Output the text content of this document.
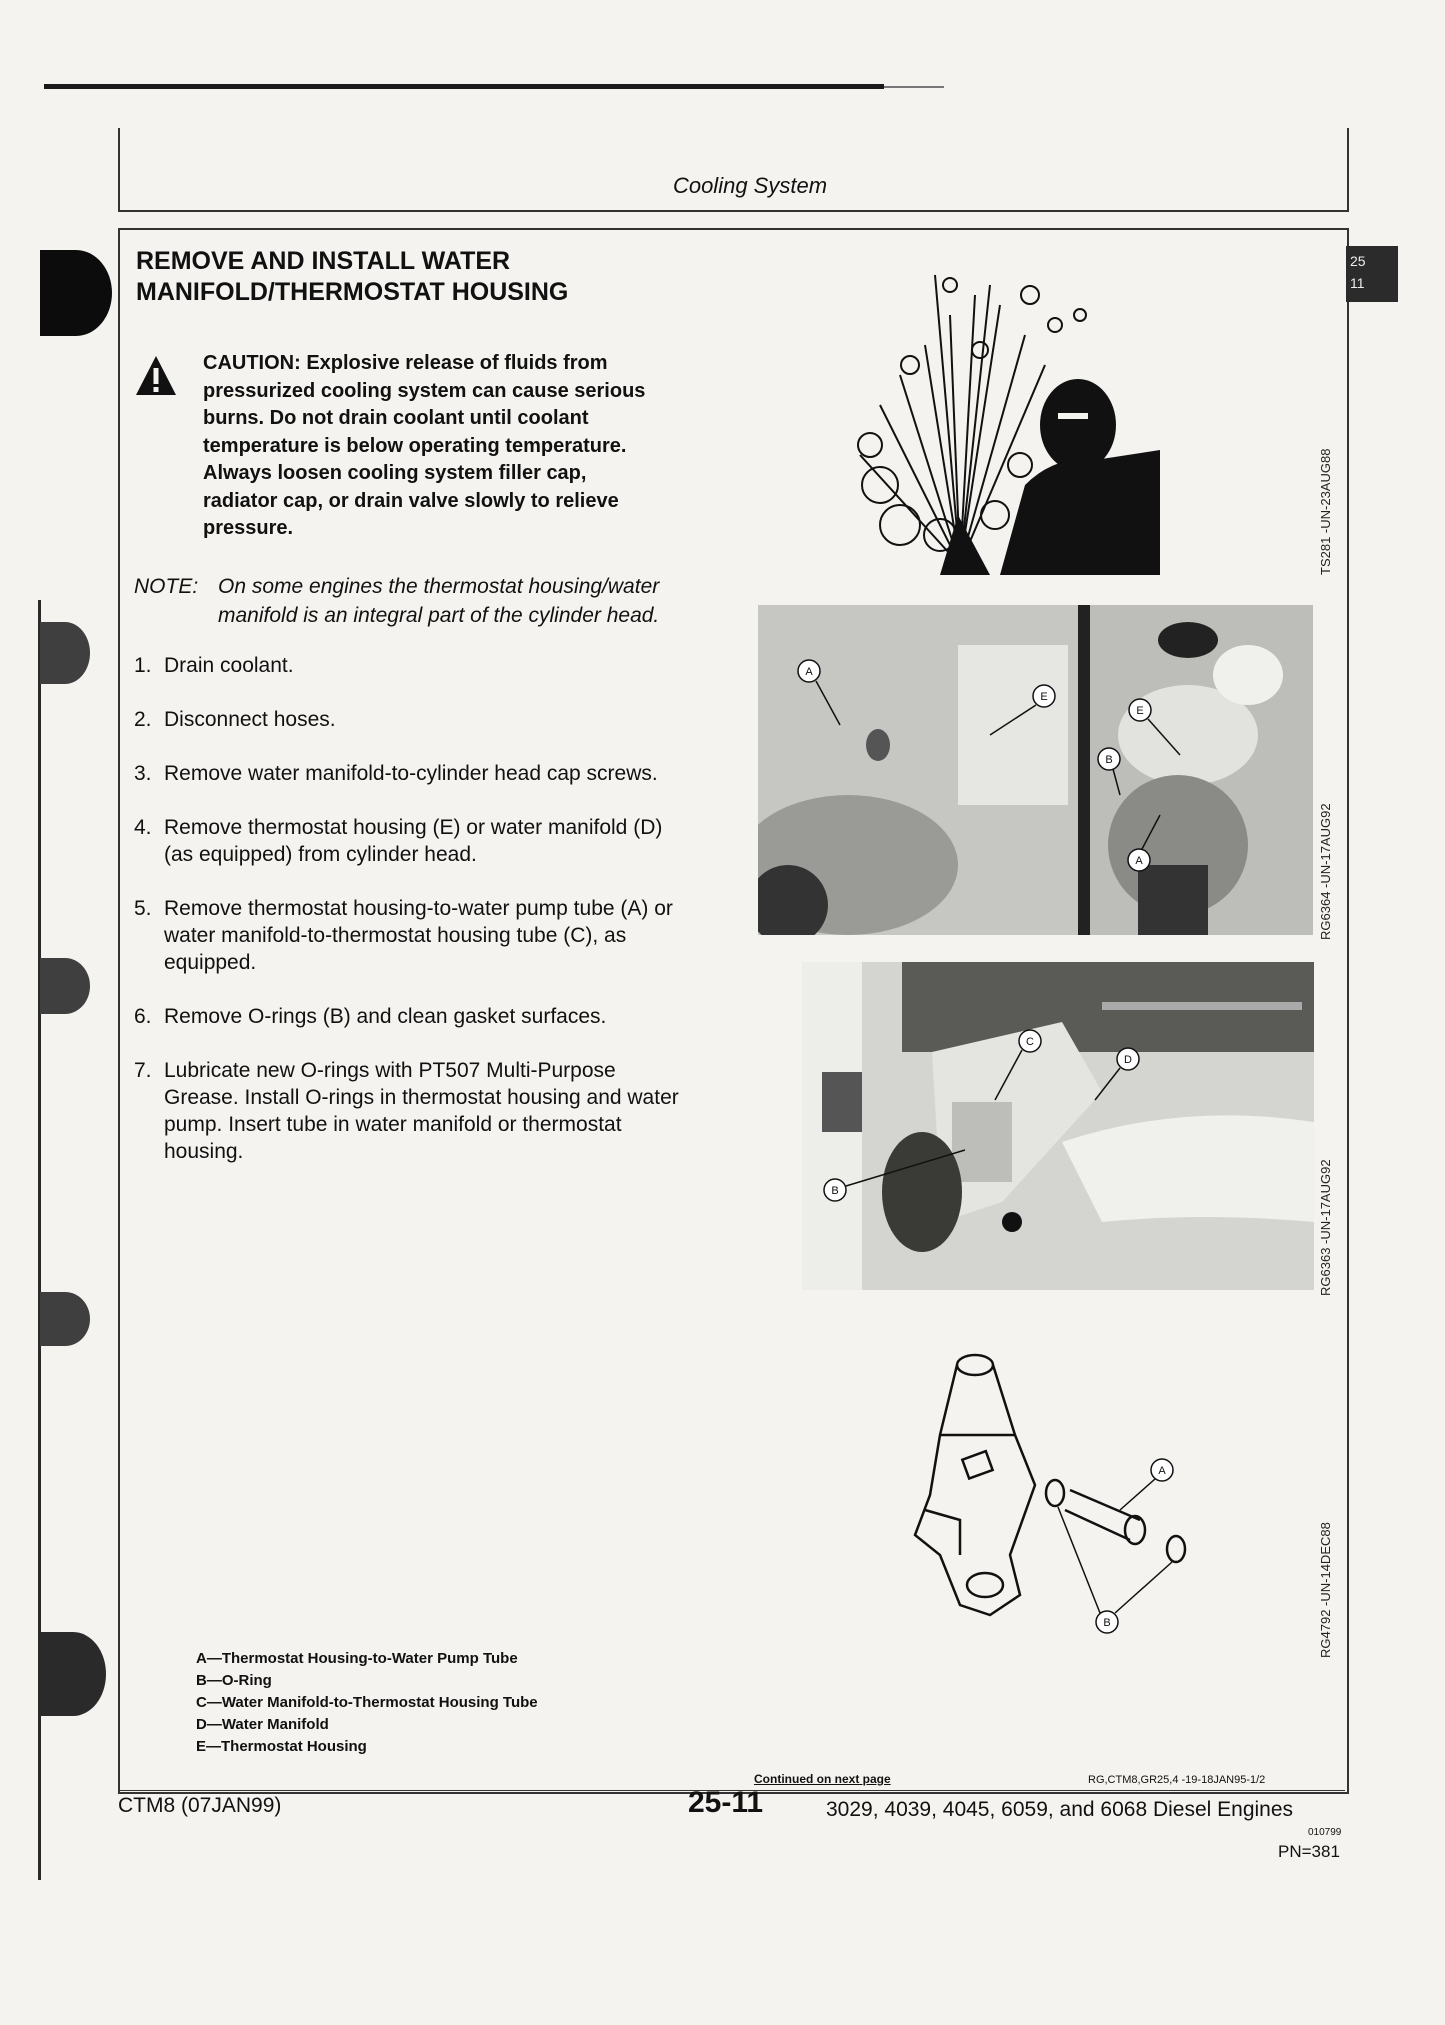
Cooling System
25
11
REMOVE AND INSTALL WATER
MANIFOLD/THERMOSTAT HOUSING
CAUTION: Explosive release of fluids from
pressurized cooling system can cause serious
burns. Do not drain coolant until coolant
temperature is below operating temperature.
Always loosen cooling system filler cap,
radiator cap, or drain valve slowly to relieve
pressure.
NOTE: On some engines the thermostat housing/water
manifold is an integral part of the cylinder head.
1. Drain coolant.
2. Disconnect hoses.
3. Remove water manifold-to-cylinder head cap screws.
4. Remove thermostat housing (E) or water manifold (D)
(as equipped) from cylinder head.
5. Remove thermostat housing-to-water pump tube (A) or
water manifold-to-thermostat housing tube (C), as
equipped.
6. Remove O-rings (B) and clean gasket surfaces.
7. Lubricate new O-rings with PT507 Multi-Purpose
Grease. Install O-rings in thermostat housing and water
pump. Insert tube in water manifold or thermostat
housing.
TS281 -UN-23AUG88
A
E
E
B
A	RG6364 -UN-17AUG92
C
D
B	RG6363 -UN-17AUG92
A
B	RG4792 -UN-14DEC88
A—Thermostat Housing-to-Water Pump Tube
B—O-Ring
C—Water Manifold-to-Thermostat Housing Tube
D—Water Manifold
E—Thermostat Housing
Continued on next page	RG,CTM8,GR25,4 -19-18JAN95-1/2
CTM8 (07JAN99)	25-11	3029, 4039, 4045, 6059, and 6068 Diesel Engines
010799
PN=381
